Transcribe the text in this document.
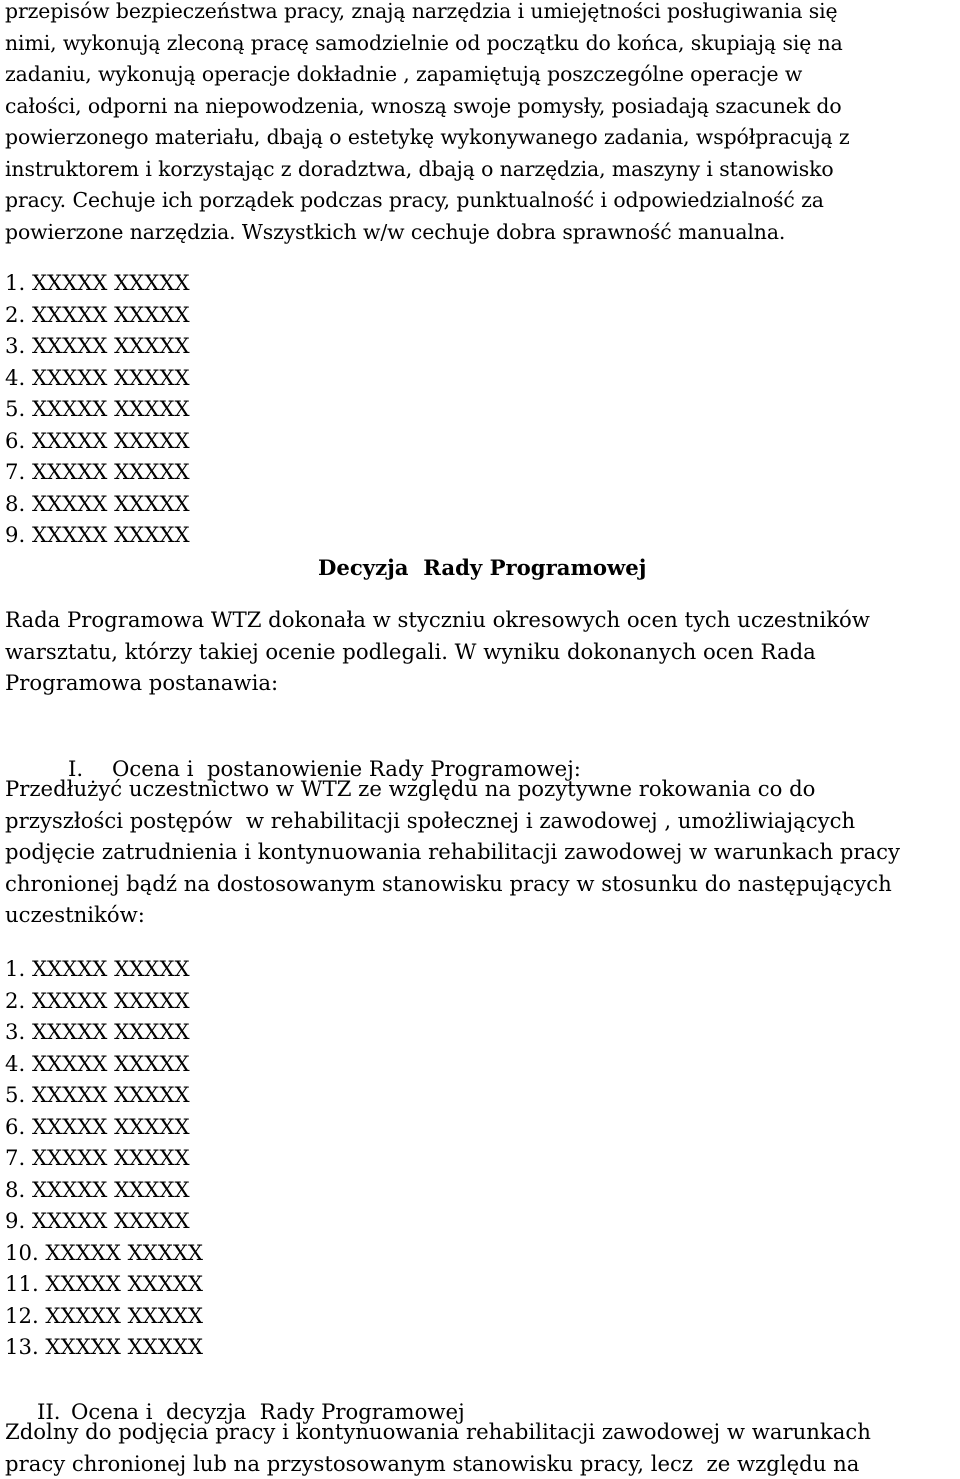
przepisów bezpieczeństwa pracy, znają narzędzia i umiejętności posługiwania się
nimi, wykonują zleconą pracę samodzielnie od początku do końca, skupiają się na
zadaniu, wykonują operacje dokładnie , zapamiętują poszczególne operacje w
całości, odporni na niepowodzenia, wnoszą swoje pomysły, posiadają szacunek do
powierzonego materiału, dbają o estetykę wykonywanego zadania, współpracują z
instruktorem i korzystając z doradztwa, dbają o narzędzia, maszyny i stanowisko
pracy. Cechuje ich porządek podczas pracy, punktualność i odpowiedzialność za
powierzone narzędzia. Wszystkich w/w cechuje dobra sprawność manualna.
1. XXXXX XXXXX
2. XXXXX XXXXX
3. XXXXX XXXXX
4. XXXXX XXXXX
5. XXXXX XXXXX
6. XXXXX XXXXX
7. XXXXX XXXXX
8. XXXXX XXXXX
9. XXXXX XXXXX
Decyzja  Rady Programowej
Rada Programowa WTZ dokonała w styczniu okresowych ocen tych uczestników
warsztatu, którzy takiej ocenie podlegali. W wyniku dokonanych ocen Rada
Programowa postanawia:

I. Ocena i  postanowienie Rady Programowej:

Przedłużyć uczestnictwo w WTZ ze względu na pozytywne rokowania co do
przyszłości postępów  w rehabilitacji społecznej i zawodowej , umożliwiających
podjęcie zatrudnienia i kontynuowania rehabilitacji zawodowej w warunkach pracy
chronionej bądź na dostosowanym stanowisku pracy w stosunku do następujących
uczestników:
1. XXXXX XXXXX
2. XXXXX XXXXX
3. XXXXX XXXXX
4. XXXXX XXXXX
5. XXXXX XXXXX
6. XXXXX XXXXX
7. XXXXX XXXXX
8. XXXXX XXXXX
9. XXXXX XXXXX
10. XXXXX XXXXX
11. XXXXX XXXXX
12. XXXXX XXXXX
13. XXXXX XXXXX

II. Ocena i  decyzja  Rady Programowej

Zdolny do podjęcia pracy i kontynuowania rehabilitacji zawodowej w warunkach
pracy chronionej lub na przystosowanym stanowisku pracy, lecz  ze względu na
